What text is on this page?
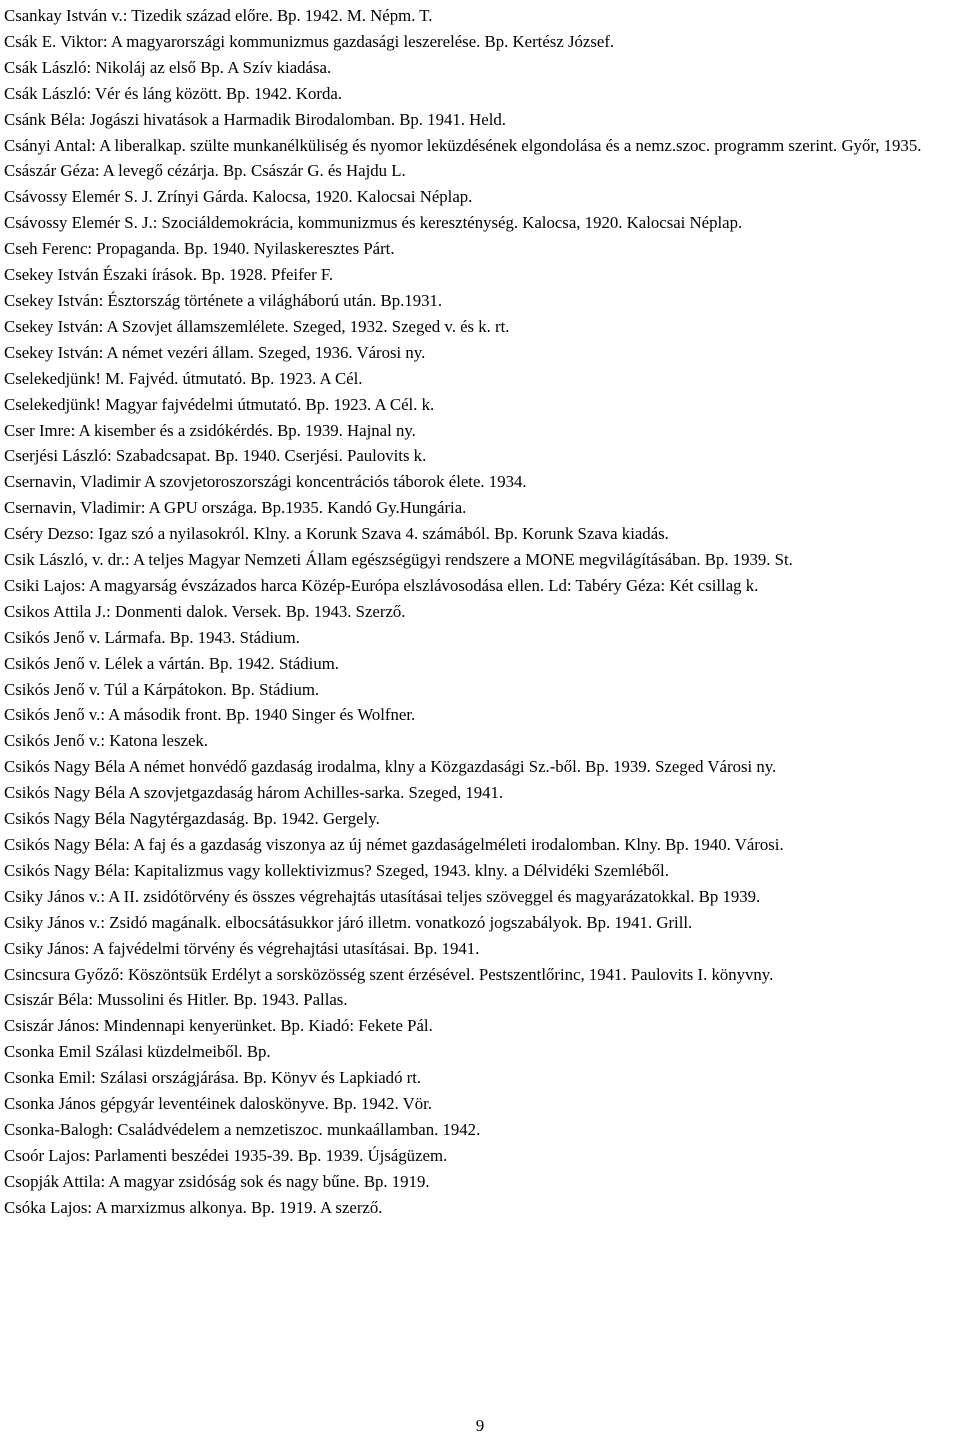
Csankay István v.: Tizedik század előre. Bp. 1942. M. Népm. T.
Csák E. Viktor: A magyarországi kommunizmus gazdasági leszerelése. Bp. Kertész József.
Csák László: Nikoláj az első Bp. A Szív kiadása.
Csák László: Vér és láng között. Bp. 1942. Korda.
Csánk Béla: Jogászi hivatások a Harmadik Birodalomban. Bp. 1941. Held.
Csányi Antal: A liberalkap. szülte munkanélküliség és nyomor leküzdésének elgondolása és a nemz.szoc. programm szerint. Győr, 1935.
Császár Géza: A levegő cézárja. Bp. Császár G. és Hajdu L.
Csávossy Elemér S. J. Zrínyi Gárda. Kalocsa, 1920. Kalocsai Néplap.
Csávossy Elemér S. J.: Szociáldemokrácia, kommunizmus és kereszténység. Kalocsa, 1920. Kalocsai Néplap.
Cseh Ferenc: Propaganda. Bp. 1940. Nyilaskeresztes Párt.
Csekey István Északi írások. Bp. 1928. Pfeifer F.
Csekey István: Észtország története a világháború után. Bp.1931.
Csekey István: A Szovjet államszemlélete. Szeged, 1932. Szeged v. és k. rt.
Csekey István: A német vezéri állam. Szeged, 1936. Városi ny.
Cselekedjünk! M. Fajvéd. útmutató. Bp. 1923. A Cél.
Cselekedjünk! Magyar fajvédelmi útmutató. Bp. 1923. A Cél. k.
Cser Imre: A kisember és a zsidókérdés. Bp. 1939. Hajnal ny.
Cserjési László: Szabadcsapat. Bp. 1940. Cserjési. Paulovits k.
Csernavin, Vladimir A szovjetoroszországi koncentrációs táborok élete. 1934.
Csernavin, Vladimir: A GPU országa. Bp.1935. Kandó Gy.Hungária.
Cséry Dezso: Igaz szó a nyilasokról. Klny. a Korunk Szava 4. számából. Bp. Korunk Szava kiadás.
Csik László, v. dr.: A teljes Magyar Nemzeti Állam egészségügyi rendszere a MONE megvilágításában. Bp. 1939. St.
Csiki Lajos: A magyarság évszázados harca Közép-Európa elszlávosodása ellen. Ld: Tabéry Géza: Két csillag k.
Csikos Attila J.: Donmenti dalok. Versek. Bp. 1943. Szerző.
Csikós Jenő v. Lármafa. Bp. 1943. Stádium.
Csikós Jenő v. Lélek a vártán. Bp. 1942. Stádium.
Csikós Jenő v. Túl a Kárpátokon. Bp. Stádium.
Csikós Jenő v.: A második front. Bp. 1940 Singer és Wolfner.
Csikós Jenő v.: Katona leszek.
Csikós Nagy Béla A német honvédő gazdaság irodalma, klny a Közgazdasági Sz.-ből. Bp. 1939. Szeged Városi ny.
Csikós Nagy Béla A szovjetgazdaság három Achilles-sarka. Szeged, 1941.
Csikós Nagy Béla Nagytérgazdaság. Bp. 1942. Gergely.
Csikós Nagy Béla: A faj és a gazdaság viszonya az új német gazdaságelméleti irodalomban. Klny. Bp. 1940. Városi.
Csikós Nagy Béla: Kapitalizmus vagy kollektivizmus? Szeged, 1943. klny. a Délvidéki Szemléből.
Csiky János v.: A II. zsidótörvény és összes végrehajtás utasításai teljes szöveggel és magyarázatokkal. Bp 1939.
Csiky János v.: Zsidó magánalk. elbocsátásukkor járó illetm. vonatkozó jogszabályok. Bp. 1941. Grill.
Csiky János: A fajvédelmi törvény és végrehajtási utasításai. Bp. 1941.
Csincsura Győző: Köszöntsük Erdélyt a sorsközösség szent érzésével. Pestszentlőrinc, 1941. Paulovits I. könyvny.
Csiszár Béla: Mussolini és Hitler. Bp. 1943. Pallas.
Csiszár János: Mindennapi kenyerünket. Bp. Kiadó: Fekete Pál.
Csonka Emil Szálasi küzdelmeiből. Bp.
Csonka Emil: Szálasi országjárása. Bp. Könyv és Lapkiadó rt.
Csonka János gépgyár leventéinek daloskönyve. Bp. 1942. Vör.
Csonka-Balogh: Családvédelem a nemzetiszoc. munkaállamban. 1942.
Csoór Lajos: Parlamenti beszédei 1935-39. Bp. 1939. Újságüzem.
Csopják Attila: A magyar zsidóság sok és nagy bűne. Bp. 1919.
Csóka Lajos: A marxizmus alkonya. Bp. 1919. A szerző.
9
